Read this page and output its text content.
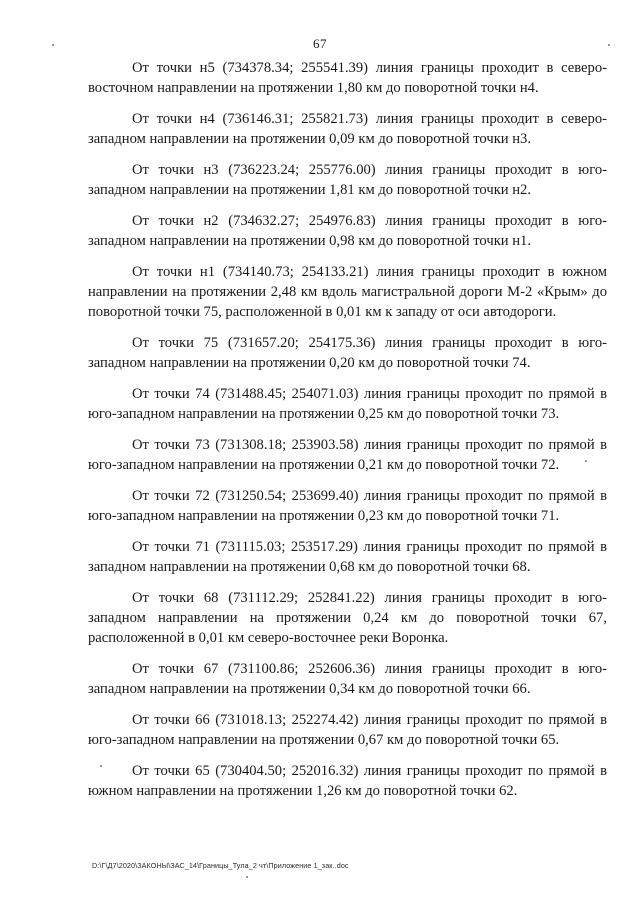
67

От точки н5 (734378.34; 255541.39) линия границы проходит в северо-восточном направлении на протяжении 1,80 км до поворотной точки н4.

От точки н4 (736146.31; 255821.73) линия границы проходит в северо-западном направлении на протяжении 0,09 км до поворотной точки н3.

От точки н3 (736223.24; 255776.00) линия границы проходит в юго-западном направлении на протяжении 1,81 км до поворотной точки н2.

От точки н2 (734632.27; 254976.83) линия границы проходит в юго-западном направлении на протяжении 0,98 км до поворотной точки н1.

От точки н1 (734140.73; 254133.21) линия границы проходит в южном направлении на протяжении 2,48 км вдоль магистральной дороги М-2 «Крым» до поворотной точки 75, расположенной в 0,01 км к западу от оси автодороги.

От точки 75 (731657.20; 254175.36) линия границы проходит в юго-западном направлении на протяжении 0,20 км до поворотной точки 74.

От точки 74 (731488.45; 254071.03) линия границы проходит по прямой в юго-западном направлении на протяжении 0,25 км до поворотной точки 73.

От точки 73 (731308.18; 253903.58) линия границы проходит по прямой в юго-западном направлении на протяжении 0,21 км до поворотной точки 72.

От точки 72 (731250.54; 253699.40) линия границы проходит по прямой в юго-западном направлении на протяжении 0,23 км до поворотной точки 71.

От точки 71 (731115.03; 253517.29) линия границы проходит по прямой в западном направлении на протяжении 0,68 км до поворотной точки 68.

От точки 68 (731112.29; 252841.22) линия границы проходит в юго-западном направлении на протяжении 0,24 км до поворотной точки 67, расположенной в 0,01 км северо-восточнее реки Воронка.

От точки 67 (731100.86; 252606.36) линия границы проходит в юго-западном направлении на протяжении 0,34 км до поворотной точки 66.

От точки 66 (731018.13; 252274.42) линия границы проходит по прямой в юго-западном направлении на протяжении 0,67 км до поворотной точки 65.

От точки 65 (730404.50; 252016.32) линия границы проходит по прямой в южном направлении на протяжении 1,26 км до поворотной точки 62.

D:\Г\Д7\2020\ЗАКОНЫ\ЗАС_14\Границы_Тула_2 чт\Приложение 1_зак..doc
